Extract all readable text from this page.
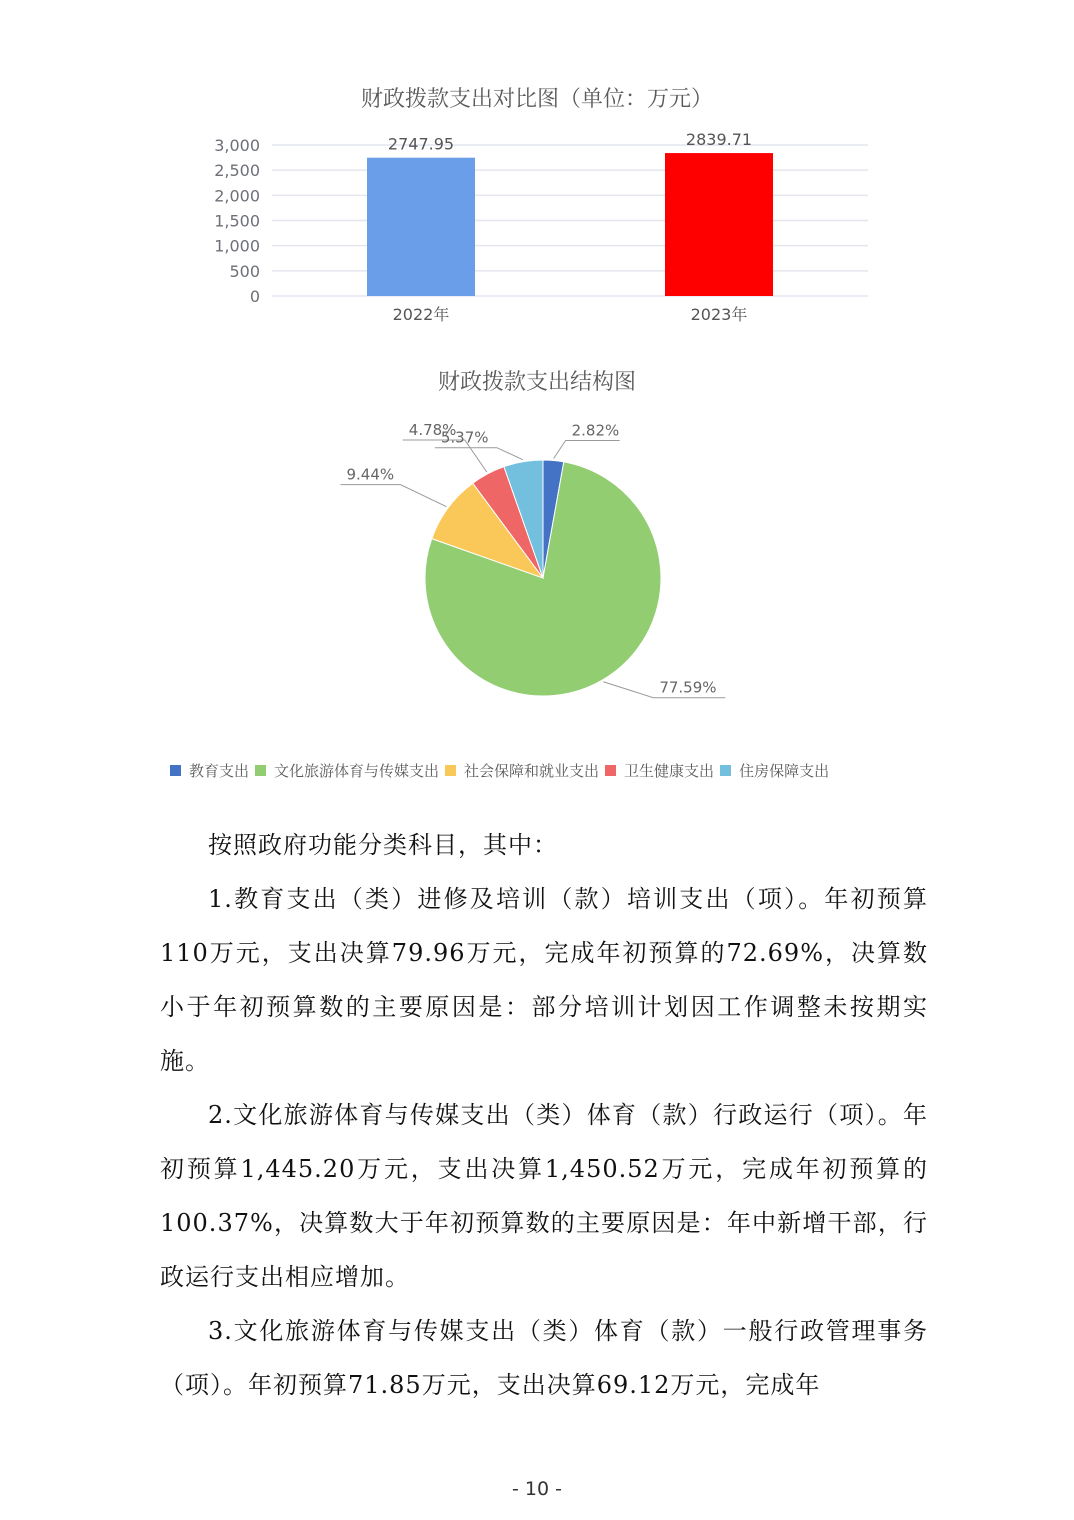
财政拨款支出对比图（单位：万元）
0
500
1,000
1,500
2,000
2,500
3,000	2747.95
2022年
2839.71
2023年
财政拨款支出结构图
2.82%
77.59%
9.44%
4.78%
5.37%
教育支出 文化旅游体育与传媒支出 社会保障和就业支出 卫生健康支出 住房保障支出

按照政府功能分类科目，其中：

1.教育支出（类）进修及培训（款）培训支出（项）。年初预算110万元，支出决算79.96万元，完成年初预算的72.69%，决算数小于年初预算数的主要原因是：部分培训计划因工作调整未按期实施。

2.文化旅游体育与传媒支出（类）体育（款）行政运行（项）。年初预算1,445.20万元，支出决算1,450.52万元，完成年初预算的100.37%，决算数大于年初预算数的主要原因是：年中新增干部，行政运行支出相应增加。

3.文化旅游体育与传媒支出（类）体育（款）一般行政管理事务（项）。年初预算71.85万元，支出决算69.12万元，完成年

- 10 -
